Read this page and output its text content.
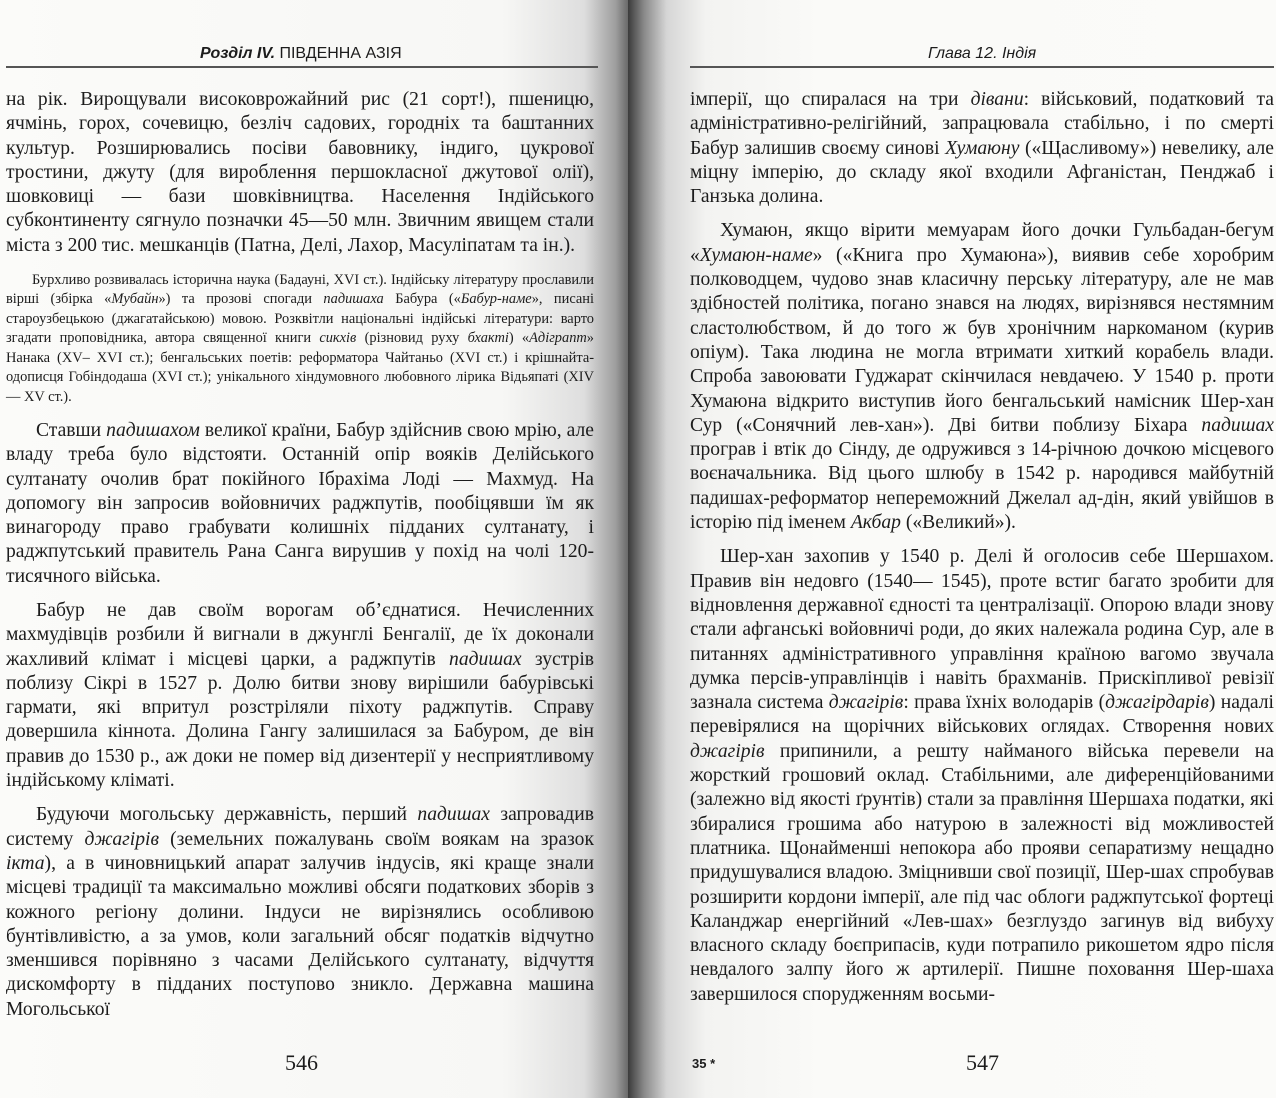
Розділ IV. ПІВДЕННА АЗІЯ

на рік. Вирощували високоврожайний рис (21 сорт!), пшеницю, ячмінь, горох, сочевицю, безліч садових, городніх та баштанних культур. Розширювались посіви бавовнику, індиго, цукрової тростини, джуту (для вироблення першокласної джутової олії), шовковиці — бази шовківництва. Населення Індійського субконтиненту сягнуло позначки 45—50 млн. Звичним явищем стали міста з 200 тис. мешканців (Патна, Делі, Лахор, Масуліпатам та ін.).

Бурхливо розвивалась історична наука (Бадауні, XVI ст.). Індійську літературу прославили вірші (збірка «Мубайн») та прозові спогади падишаха Бабура («Бабур-наме», писані староузбецькою (джагатайською) мовою. Розквітли національні індійські літератури: варто згадати проповідника, автора священної книги сикхів (різновид руху бхакті) «Адіграпт» Нанака (XV– XVI ст.); бенгальських поетів: реформатора Чайтаньо (XVI ст.) і крішнайта-одописця Гобіндодаша (XVI ст.); унікального хіндумовного любовного лірика Відьяпаті (XIV— XV ст.).

Ставши падишахом великої країни, Бабур здійснив свою мрію, але владу треба було відстояти. Останній опір вояків Делійського султанату очолив брат покійного Ібрахіма Лоді — Махмуд. На допомогу він запросив войовничих раджпутів, пообіцявши їм як винагороду право грабувати колишніх підданих султанату, і раджпутський правитель Рана Санга вирушив у похід на чолі 120-тисячного війська.

Бабур не дав своїм ворогам об’єднатися. Нечисленних махмудівців розбили й вигнали в джунглі Бенгалії, де їх доконали жахливий клімат і місцеві царки, а раджпутів падишах зустрів поблизу Сікрі в 1527 р. Долю битви знову вирішили бабурівські гармати, які впритул розстріляли піхоту раджпутів. Справу довершила кіннота. Долина Гангу залишилася за Бабуром, де він правив до 1530 р., аж доки не помер від дизентерії у несприятливому індійському кліматі.

Будуючи могольську державність, перший падишах запровадив систему джагірів (земельних пожалувань своїм воякам на зразок ікта), а в чиновницький апарат залучив індусів, які краще знали місцеві традиції та максимально можливі обсяги податкових зборів з кожного регіону долини. Індуси не вирізнялись особливою бунтівливістю, а за умов, коли загальний обсяг податків відчутно зменшився порівняно з часами Делійського султанату, відчуття дискомфорту в підданих поступово зникло. Державна машина Могольської

546
Глава 12. Індія

імперії, що спиралася на три дівани: військовий, податковий та адміністративно-релігійний, запрацювала стабільно, і по смерті Бабур залишив своєму синові Хумаюну («Щасливому») невелику, але міцну імперію, до складу якої входили Афганістан, Пенджаб і Ганзька долина.

Хумаюн, якщо вірити мемуарам його дочки Гульбадан-бегум «Хумаюн-наме» («Книга про Хумаюна»), виявив себе хоробрим полководцем, чудово знав класичну перську літературу, але не мав здібностей політика, погано знався на людях, вирізнявся нестямним сластолюбством, й до того ж був хронічним наркоманом (курив опіум). Така людина не могла втримати хиткий корабель влади. Спроба завоювати Гуджарат скінчилася невдачею. У 1540 р. проти Хумаюна відкрито виступив його бенгальський намісник Шер-хан Сур («Сонячний лев-хан»). Дві битви поблизу Біхара падишах програв і втік до Сінду, де одружився з 14-річною дочкою місцевого воєначальника. Від цього шлюбу в 1542 р. народився майбутній падишах-реформатор непереможний Джелал ад-дін, який увійшов в історію під іменем Акбар («Великий»).

Шер-хан захопив у 1540 р. Делі й оголосив себе Шершахом. Правив він недовго (1540— 1545), проте встиг багато зробити для відновлення державної єдності та централізації. Опорою влади знову стали афганські войовничі роди, до яких належала родина Сур, але в питаннях адміністративного управління країною вагомо звучала думка персів-управлінців і навіть брахманів. Прискіпливої ревізії зазнала система джагірів: права їхніх володарів (джагірдарів) надалі перевірялися на щорічних військових оглядах. Створення нових джагірів припинили, а решту найманого війська перевели на жорсткий грошовий оклад. Стабільними, але диференційованими (залежно від якості ґрунтів) стали за правління Шершаха податки, які збиралися грошима або натурою в залежності від можливостей платника. Щонайменші непокора або прояви сепаратизму нещадно придушувалися владою. Зміцнивши свої позиції, Шер-шах спробував розширити кордони імперії, але під час облоги раджпутської фортеці Каланджар енергійний «Лев-шах» безглуздо загинув від вибуху власного складу боєприпасів, куди потрапило рикошетом ядро після невдалого залпу його ж артилерії. Пишне поховання Шер-шаха завершилося спорудженням восьми-

35 *	547
